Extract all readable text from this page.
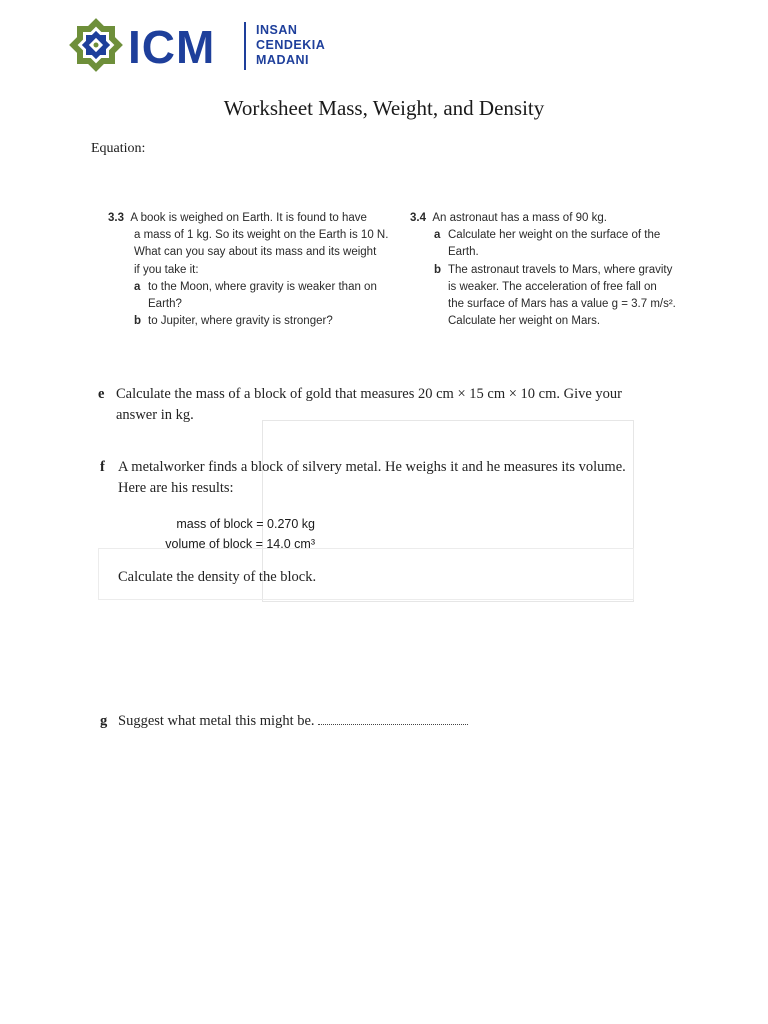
ICM	INSAN
CENDEKIA
MADANI
Worksheet Mass, Weight, and Density
Equation:
3.3 A book is weighed on Earth. It is found to have
a mass of 1 kg. So its weight on the Earth is 10 N.
What can you say about its mass and its weight
if you take it:
a to the Moon, where gravity is weaker than on
Earth?
b to Jupiter, where gravity is stronger?
3.4 An astronaut has a mass of 90 kg.
a Calculate her weight on the surface of the
Earth.
b The astronaut travels to Mars, where gravity
is weaker. The acceleration of free fall on
the surface of Mars has a value g = 3.7 m/s².
Calculate her weight on Mars.
e Calculate the mass of a block of gold that measures 20 cm × 15 cm × 10 cm. Give your
answer in kg.
f A metalworker finds a block of silvery metal. He weighs it and he measures its volume.
Here are his results:
mass of block = 0.270 kg
volume of block = 14.0 cm³
Calculate the density of the block.
g Suggest what metal this might be.
